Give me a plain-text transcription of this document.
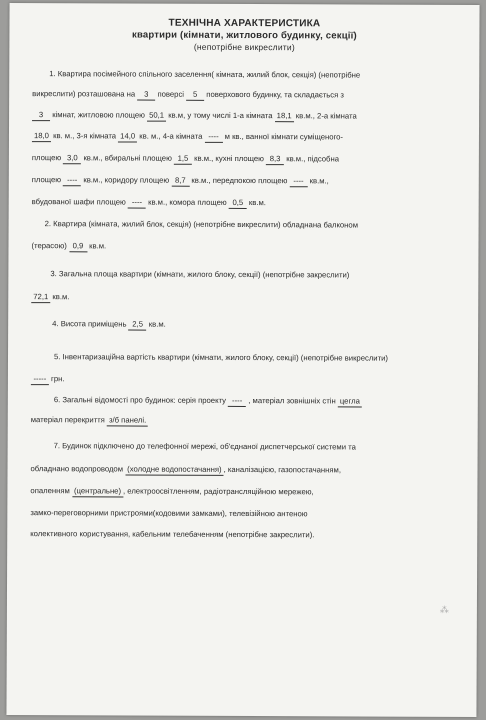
ТЕХНІЧНА ХАРАКТЕРИСТИКА
квартири (кімнати, житлового будинку, секції)
(непотрібне викреслити)
1. Квартира посімейного спільного заселення( кімната, жилий блок, секція) (непотрібне
викреслити) розташована на 3 поверсі 5 поверхового будинку, та складається з
3 кімнат, житловою площею 50,1 кв.м, у тому числі 1-а кімната 18,1 кв.м., 2-а кімната
18,0 кв. м., 3-я кімната 14,0 кв. м., 4-а кімната ---- м кв., ванної кімнати суміщеного-
площею 3,0 кв.м., вбиральні площею 1,5 кв.м., кухні площею 8,3 кв.м., підсобна
площею ---- кв.м., коридору площею 8,7 кв.м., передпокою площею ---- кв.м.,
вбудованої шафи площею ---- кв.м., комора площею 0,5 кв.м.
2. Квартира (кімната, жилий блок, секція) (непотрібне викреслити) обладнана балконом
(терасою) 0,9 кв.м.
3. Загальна площа квартири (кімнати, жилого блоку, секції) (непотрібне закреслити)
72,1 кв.м.
4. Висота приміщень 2,5 кв.м.
5. Інвентаризаційна вартість квартири (кімнати, жилого блоку, секції) (непотрібне викреслити)
----- грн.
6. Загальні відомості про будинок: серія проекту ---- , матеріал зовнішніх стін цегла
матеріал перекриття з/б панелі.
7. Будинок підключено до телефонної мережі, об'єднаної диспетчерської системи та
обладнано водопроводом (холодне водопостачання) , каналізацією, газопостачанням,
опаленням (центральне) , електроосвітленням, радіотрансляційною мережею,
замко-переговорними пристроями(кодовими замками), телевізійною антеною
колективного користування, кабельним телебаченням (непотрібне закреслити).
⁂
